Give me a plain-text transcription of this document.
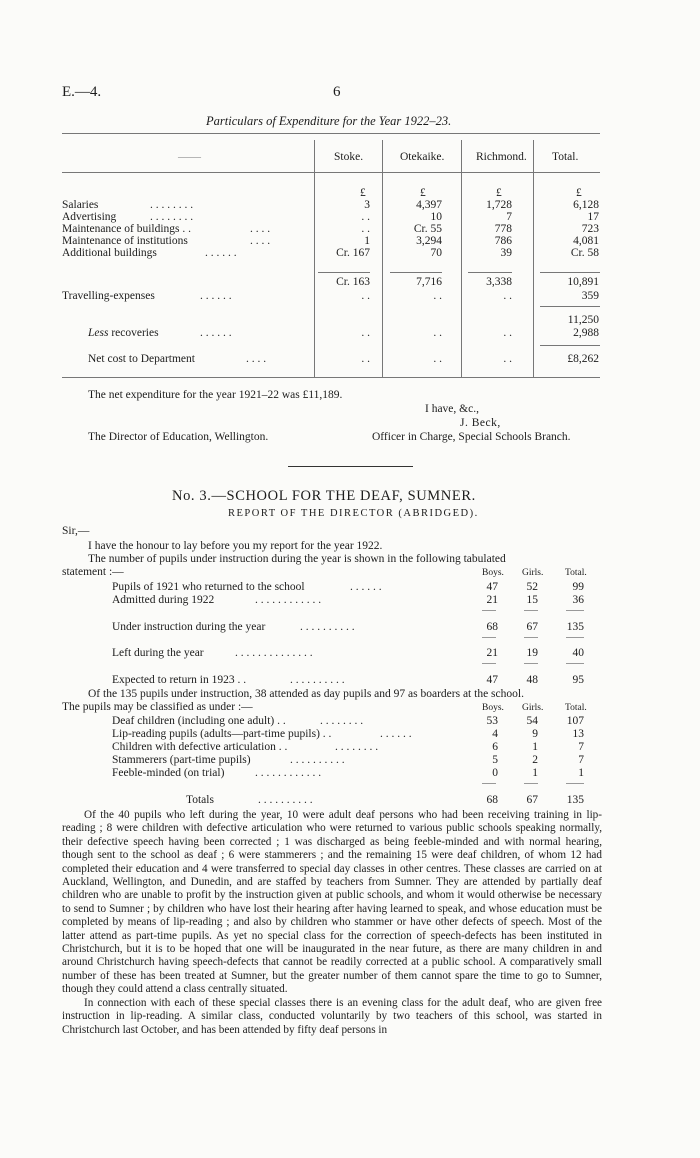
E.—4.	6
Particulars of Expenditure for the Year 1922–23.
——	Stoke.	Otekaike.	Richmond. Total.
£	£	£	£
Salaries	. . . . . . . .	3	4,397	1,728	6,128
Advertising	. . . . . . . .	. .	10	7	17
Maintenance of buildings . .	. . . .	. .	Cr. 55	778	723
Maintenance of institutions	. . . .	1	3,294	786	4,081
Additional buildings	. . . . . .	Cr. 167	70	39	Cr. 58
Cr. 163	7,716	3,338	10,891
Travelling-expenses	. . . . . .	. .	. .	. .	359
11,250
Less recoveries	. . . . . .	. .	. .	. .	2,988
Net cost to Department	. . . .	. .	. .	. .	£8,262
The net expenditure for the year 1921–22 was £11,189.
I have, &c.,
J. Beck,
The Director of Education, Wellington.	Officer in Charge, Special Schools Branch.
No. 3.—SCHOOL FOR THE DEAF, SUMNER.
REPORT OF THE DIRECTOR (ABRIDGED).
Sir,—
I have the honour to lay before you my report for the year 1922.
The number of pupils under instruction during the year is shown in the following tabulated
statement :—	Boys. Girls. Total.
Pupils of 1921 who returned to the school	. . . . . .	47	52	99
Admitted during 1922	. . . . . . . . . . . .	21	15	36
Under instruction during the year	. . . . . . . . . .	68	67	135
Left during the year	. . . . . . . . . . . . . .	21	19	40
Expected to return in 1923 . .	. . . . . . . . . .	47	48	95
Of the 135 pupils under instruction, 38 attended as day pupils and 97 as boarders at the school.
The pupils may be classified as under :—	Boys. Girls. Total.
Deaf children (including one adult) . .	. . . . . . . .	53	54	107
Lip-reading pupils (adults—part-time pupils) . .	. . . . . .	4	9	13
Children with defective articulation . .	. . . . . . . .	6	1	7
Stammerers (part-time pupils)	. . . . . . . . . .	5	2	7
Feeble-minded (on trial)	. . . . . . . . . . . .	0	1	1
Totals	. . . . . . . . . .	68	67	135

Of the 40 pupils who left during the year, 10 were adult deaf persons who had been receiving training in lip-reading ; 8 were children with defective articulation who were returned to various public schools speaking normally, their defective speech having been corrected ; 1 was discharged as being feeble-minded and with normal hearing, though sent to the school as deaf ; 6 were stammerers ; and the remaining 15 were deaf children, of whom 12 had completed their education and 4 were transferred to special day classes in other centres. These classes are carried on at Auckland, Wellington, and Dunedin, and are staffed by teachers from Sumner. They are attended by partially deaf children who are unable to profit by the instruction given at public schools, and whom it would otherwise be necessary to send to Sumner ; by children who have lost their hearing after having learned to speak, and whose education must be completed by means of lip-reading ; and also by children who stammer or have other defects of speech. Most of the latter attend as part-time pupils. As yet no special class for the correction of speech-defects has been instituted in Christchurch, but it is to be hoped that one will be inaugurated in the near future, as there are many children in and around Christchurch having speech-defects that cannot be readily corrected at a public school. A comparatively small number of these has been treated at Sumner, but the greater number of them cannot spare the time to go to Sumner, though they could attend a class centrally situated.

In connection with each of these special classes there is an evening class for the adult deaf, who are given free instruction in lip-reading. A similar class, conducted voluntarily by two teachers of this school, was started in Christchurch last October, and has been attended by fifty deaf persons in
